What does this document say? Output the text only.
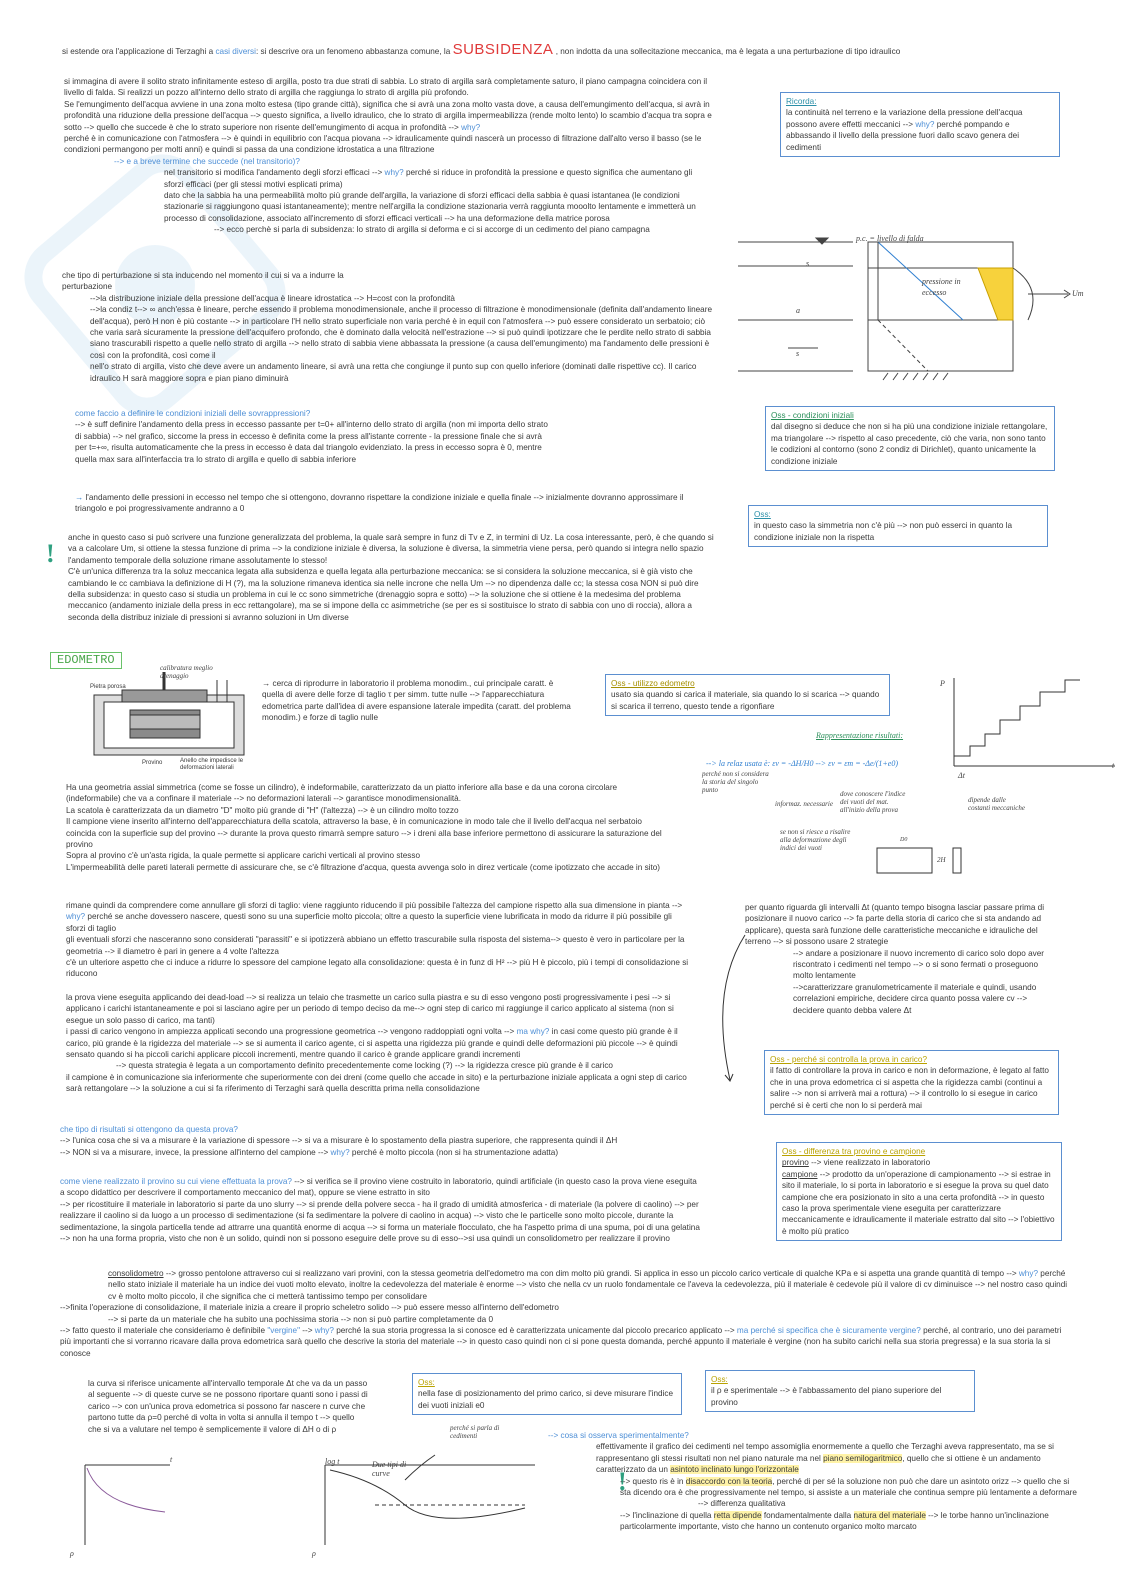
si estende ora l'applicazione di Terzaghi a casi diversi: si descrive ora un fenomeno abbastanza comune, la SUBSIDENZA , non indotta da una sollecitazione meccanica, ma è legata a una perturbazione di tipo idraulico
si immagina di avere il solito strato infinitamente esteso di argilla, posto tra due strati di sabbia. Lo strato di argilla sarà completamente saturo, il piano campagna coincidera con il livello di falda. Si realizzi un pozzo all'interno dello strato di argilla che raggiunga lo strato di argilla più profondo.
Se l'emungimento dell'acqua avviene in una zona molto estesa (tipo grande città), significa che si avrà una zona molto vasta dove, a causa dell'emungimento dell'acqua, si avrà in profondità una riduzione della pressione dell'acqua --> questo significa, a livello idraulico, che lo strato di argilla impermeabilizza (rende molto lento) lo scambio d'acqua tra sopra e sotto --> quello che succede è che lo strato superiore non risente dell'emungimento di acqua in profondità --> why?
perché è in comunicazione con l'atmosfera --> è quindi in equilibrio con l'acqua piovana --> idraulicamente quindi nascerà un processo di filtrazione dall'alto verso il basso (se le condizioni permangono per molti anni) e quindi si passa da una condizione idrostatica a una filtrazione
--> e a breve termine che succede (nel transitorio)?
nel transitorio si modifica l'andamento degli sforzi efficaci --> why? perché si riduce in profondità la pressione e questo significa che aumentano gli sforzi efficaci (per gli stessi motivi esplicati prima)
dato che la sabbia ha una permeabilità molto più grande dell'argilla, la variazione di sforzi efficaci della sabbia è quasi istantanea (le condizioni stazionarie si raggiungono quasi istantaneamente); mentre nell'argilla la condizione stazionaria verrà raggiunta mooolto lentamente e immetterà un processo di consolidazione, associato all'incremento di sforzi efficaci verticali --> ha una deformazione della matrice porosa
--> ecco perchè si parla di subsidenza: lo strato di argilla si deforma e ci si accorge di un cedimento del piano campagna
Ricorda:
la continuità nel terreno e la variazione della pressione dell'acqua possono avere effetti meccanici --> why? perché pompando e abbassando il livello della pressione fuori dallo scavo genera dei cedimenti
p.c. = livello di falda
s
a
s
pressione in eccesso	Um
che tipo di perturbazione si sta inducendo nel momento il cui si va a indurre la perturbazione
-->la distribuzione iniziale della pressione dell'acqua è lineare idrostatica --> H=cost con la profondità
-->la condiz t--> ∞ anch'essa è lineare, perche essendo il problema monodimensionale, anche il processo di filtrazione è monodimensionale (definita dall'andamento lineare dell'acqua), però H non è più costante --> in particolare l'H nello strato superficiale non varia perché è in equil con l'atmosfera --> può essere considerato un serbatoio; ciò che varia sarà sicuramente la pressione dell'acquifero profondo, che è dominato dalla velocità nell'estrazione --> si può quindi ipotizzare che le perdite nello strato di sabbia siano trascurabili rispetto a quelle nello strato di argilla --> nello strato di sabbia viene abbassata la pressione (a causa dell'emungimento) ma l'andamento delle pressioni è così con la profondità, così come il
nell'o strato di argilla, visto che deve avere un andamento lineare, si avrà una retta che congiunge il punto sup con quello inferiore (dominati dalle rispettive cc). Il carico idraulico H sarà maggiore sopra e pian piano diminuirà
come faccio a definire le condizioni iniziali delle sovrappressioni?
--> è suff definire l'andamento della press in eccesso passante per t=0+ all'interno dello strato di argilla (non mi importa dello strato di sabbia) --> nel grafico, siccome la press in eccesso è definita come la press all'istante corrente - la pressione finale che si avrà per t=+∞, risulta automaticamente che la press in eccesso è data dal triangolo evidenziato. la press in eccesso sopra è 0, mentre quella max sara all'interfaccia tra lo strato di argilla e quello di sabbia inferiore
→ l'andamento delle pressioni in eccesso nel tempo che si ottengono, dovranno rispettare la condizione iniziale e quella finale --> inizialmente dovranno approssimare il triangolo e poi progressivamente andranno a 0
Oss - condizioni iniziali
dal disegno si deduce che non si ha più una condizione iniziale rettangolare, ma triangolare --> rispetto al caso precedente, ciò che varia, non sono tanto le codizioni al contorno (sono 2 condiz di Dirichlet), quanto unicamente la condizione iniziale
Oss:
in questo caso la simmetria non c'è più --> non può esserci in quanto la condizione iniziale non la rispetta
!
anche in questo caso si può scrivere una funzione generalizzata del problema, la quale sarà sempre in funz di Tv e Z, in termini di Uz. La cosa interessante, però, è che quando si va a calcolare Um, si ottiene la stessa funzione di prima --> la condizione iniziale è diversa, la soluzione è diversa, la simmetria viene persa, però quando si integra nello spazio l'andamento temporale della soluzione rimane assolutamente lo stesso!
C'è un'unica differenza tra la soluz meccanica legata alla subsidenza e quella legata alla perturbazione meccanica: se si considera la soluzione meccanica, si è già visto che cambiando le cc cambiava la definizione di H (?), ma la soluzione rimaneva identica sia nelle incrone che nella Um --> no dipendenza dalle cc; la stessa cosa NON si può dire della subsidenza: in questo caso si studia un problema in cui le cc sono simmetriche (drenaggio sopra e sotto) --> la soluzione che si ottiene è la medesima del problema meccanico (andamento iniziale della press in ecc rettangolare), ma se si impone della cc asimmetriche (se per es si sostituisce lo strato di sabbia con uno di roccia), allora a seconda della distribuz iniziale di pressioni si avranno soluzioni in Um diverse
EDOMETRO
Pietra porosa
Anello che impedisce le deformazioni laterali
Provino
calibratura meglio drenaggio
→ cerca di riprodurre in laboratorio il problema monodim., cui principale caratt. è quella di avere delle forze di taglio τ per simm. tutte nulle --> l'apparecchiatura edometrica parte dall'idea di avere espansione laterale impedita (caratt. del problema monodim.) e forze di taglio nulle
Oss - utilizzo edometro
usato sia quando si carica il materiale, sia quando lo si scarica --> quando si scarica il terreno, questo tende a rigonfiare
P
t
Δt
Rappresentazione risultati:
--> la relaz usata è: εv = -ΔH/H0 --> εv = εm = -Δe/(1+e0)
perché non si considera la storia del singolo punto	dove conoscere l'indice dei vuoti del mat. all'inizio della prova
informaz. necessarie
se non si riesce a risalire alla deformazione degli indici dei vuoti
dipende dalle costanti meccaniche
D0
2H
Ha una geometria assial simmetrica (come se fosse un cilindro), è indeformabile, caratterizzato da un piatto inferiore alla base e da una corona circolare (indeformabile) che va a confinare il materiale --> no deformazioni laterali --> garantisce monodimensionalità.
La scatola è caratterizzata da un diametro "D" molto più grande di "H" (l'altezza) --> è un cilindro molto tozzo
Il campione viene inserito all'interno dell'apparecchiatura della scatola, attraverso la base, è in comunicazione in modo tale che il livello dell'acqua nel serbatoio coincida con la superficie sup del provino --> durante la prova questo rimarrà sempre saturo --> i dreni alla base inferiore permettono di assicurare la saturazione del provino
Sopra al provino c'è un'asta rigida, la quale permette si applicare carichi verticali al provino stesso
L'impermeabilità delle pareti laterali permette di assicurare che, se c'è filtrazione d'acqua, questa avvenga solo in direz verticale (come ipotizzato che accade in sito)
rimane quindi da comprendere come annullare gli sforzi di taglio: viene raggiunto riducendo il più possibile l'altezza del campione rispetto alla sua dimensione in pianta --> why? perché se anche dovessero nascere, questi sono su una superficie molto piccola; oltre a questo la superficie viene lubrificata in modo da ridurre il più possibile gli sforzi di taglio
gli eventuali sforzi che nasceranno sono considerati "parassiti" e si ipotizzerà abbiano un effetto trascurabile sulla risposta del sistema--> questo è vero in particolare per la geometria --> il diametro è pari in genere a 4 volte l'altezza
c'è un ulteriore aspetto che ci induce a ridurre lo spessore del campione legato alla consolidazione: questa è in funz di H² --> più H è piccolo, più i tempi di consolidazione si riducono
la prova viene eseguita applicando dei dead-load --> si realizza un telaio che trasmette un carico sulla piastra e su di esso vengono posti progressivamente i pesi --> si applicano i carichi istantaneamente e poi si lasciano agire per un periodo di tempo deciso da me--> ogni step di carico mi raggiunge il carico applicato al sistema (non si esegue un solo passo di carico, ma tanti)
i passi di carico vengono in ampiezza applicati secondo una progressione geometrica --> vengono raddoppiati ogni volta --> ma why? in casi come questo più grande è il carico, più grande è la rigidezza del materiale --> se si aumenta il carico agente, ci si aspetta una rigidezza più grande e quindi delle deformazioni più piccole --> è quindi sensato quando si ha piccoli carichi applicare piccoli incrementi, mentre quando il carico è grande applicare grandi incrementi
--> questa strategia è legata a un comportamento definito precedentemente come locking (?) --> la rigidezza cresce più grande è il carico
il campione è in comunicazione sia inferiormente che superiormente con dei dreni (come quello che accade in sito) e la perturbazione iniziale applicata a ogni step di carico sarà rettangolare --> la soluzione a cui si fa riferimento di Terzaghi sarà quella descritta prima nella consolidazione
che tipo di risultati si ottengono da questa prova?
--> l'unica cosa che si va a misurare è la variazione di spessore --> si va a misurare è lo spostamento della piastra superiore, che rappresenta quindi il ΔH
--> NON si va a misurare, invece, la pressione all'interno del campione --> why? perché è molto piccola (non si ha strumentazione adatta)
come viene realizzato il provino su cui viene effettuata la prova? --> si verifica se il provino viene costruito in laboratorio, quindi artificiale (in questo caso la prova viene eseguita a scopo didattico per descrivere il comportamento meccanico del mat), oppure se viene estratto in sito
--> per ricostituire il materiale in laboratorio si parte da uno slurry --> si prende della polvere secca - ha il grado di umidità atmosferica - di materiale (la polvere di caolino) --> per realizzare il caolino si da luogo a un processo di sedimentazione (si fa sedimentare la polvere di caolino in acqua) --> visto che le particelle sono molto piccole, durante la sedimentazione, la singola particella tende ad attrarre una quantità enorme di acqua --> si forma un materiale flocculato, che ha l'aspetto prima di una spuma, poi di una gelatina --> non ha una forma propria, visto che non è un solido, quindi non si possono eseguire delle prove su di esso-->si usa quindi un consolidometro per realizzare il provino
per quanto riguarda gli intervalli Δt (quanto tempo bisogna lasciar passare prima di posizionare il nuovo carico --> fa parte della storia di carico che si sta andando ad applicare), questa sarà funzione delle caratteristiche meccaniche e idrauliche del terreno --> si possono usare 2 strategie
--> andare a posizionare il nuovo incremento di carico solo dopo aver riscontrato i cedimenti nel tempo --> o si sono fermati o proseguono molto lentamente
-->caratterizzare granulometricamente il materiale e quindi, usando correlazioni empiriche, decidere circa quanto possa valere cv --> decidere quanto debba valere Δt
Oss - perché si controlla la prova in carico?
il fatto di controllare la prova in carico e non in deformazione, è legato al fatto che in una prova edometrica ci si aspetta che la rigidezza cambi (continui a salire --> non si arriverà mai a rottura) --> il controllo lo si esegue in carico perché si è certi che non lo si perderà mai
Oss - differenza tra provino e campione
provino --> viene realizzato in laboratorio
campione --> prodotto da un'operazione di campionamento --> si estrae in sito il materiale, lo si porta in laboratorio e si esegue la prova su quel dato campione che era posizionato in sito a una certa profondità --> in questo caso la prova sperimentale viene eseguita per caratterizzare meccanicamente e idraulicamente il materiale estratto dal sito --> l'obiettivo è molto più pratico
consolidometro --> grosso pentolone attraverso cui si realizzano vari provini, con la stessa geometria dell'edometro ma con dim molto più grandi. Si applica in esso un piccolo carico verticale di qualche KPa e si aspetta una grande quantità di tempo --> why? perché nello stato iniziale il materiale ha un indice dei vuoti molto elevato, inoltre la cedevolezza del materiale è enorme --> visto che nella cv un ruolo fondamentale ce l'aveva la cedevolezza, più il materiale è cedevole più il valore di cv diminuisce --> nel nostro caso quindi cv è molto molto piccolo, il che significa che ci metterà tantissimo tempo per consolidare
-->finita l'operazione di consolidazione, il materiale inizia a creare il proprio scheletro solido --> può essere messo all'interno dell'edometro
--> si parte da un materiale che ha subito una pochissima storia --> non si può partire completamente da 0
--> fatto questo il materiale che consideriamo è definibile "vergine" --> why? perché la sua storia progressa la si conosce ed è caratterizzata unicamente dal piccolo precarico applicato --> ma perché si specifica che è sicuramente vergine? perché, al contrario, uno dei parametri più importanti che si vorranno ricavare dalla prova edometrica sarà quello che descrive la storia del materiale --> in questo caso quindi non ci si pone questa domanda, perché appunto il materiale è vergine (non ha subito carichi nella sua storia pregressa) e la sua storia la si conosce
la curva si riferisce unicamente all'intervallo temporale Δt che va da un passo al seguente --> di queste curve se ne possono riportare quanti sono i passi di carico --> con un'unica prova edometrica si possono far nascere n curve che partono tutte da ρ=0 perché di volta in volta si annulla il tempo t --> quello che si va a valutare nel tempo è semplicemente il valore di ΔH o di ρ
Oss:
nella fase di posizionamento del primo carico, si deve misurare l'indice dei vuoti iniziali e0
Oss:
il ρ e sperimentale --> è l'abbassamento del piano superiore del provino
perché si parla di cedimenti
Due tipi di curve
t	log t
ρ	ρ
!
--> cosa si osserva sperimentalmente?
effettivamente il grafico dei cedimenti nel tempo assomiglia enormemente a quello che Terzaghi aveva rappresentato, ma se si rappresentano gli stessi risultati non nel piano naturale ma nel piano semilogaritmico, quello che si ottiene è un andamento caratterizzato da un asintoto inclinato lungo l'orizzontale
--> questo ris è in disaccordo con la teoria, perché di per sé la soluzione non può che dare un asintoto orizz --> quello che si sta dicendo ora è che progressivamente nel tempo, si assiste a un materiale che continua sempre più lentamente a deformare
--> differenza qualitativa
--> l'inclinazione di quella retta dipende fondamentalmente dalla natura del materiale --> le torbe hanno un'inclinazione particolarmente importante, visto che hanno un contenuto organico molto marcato
